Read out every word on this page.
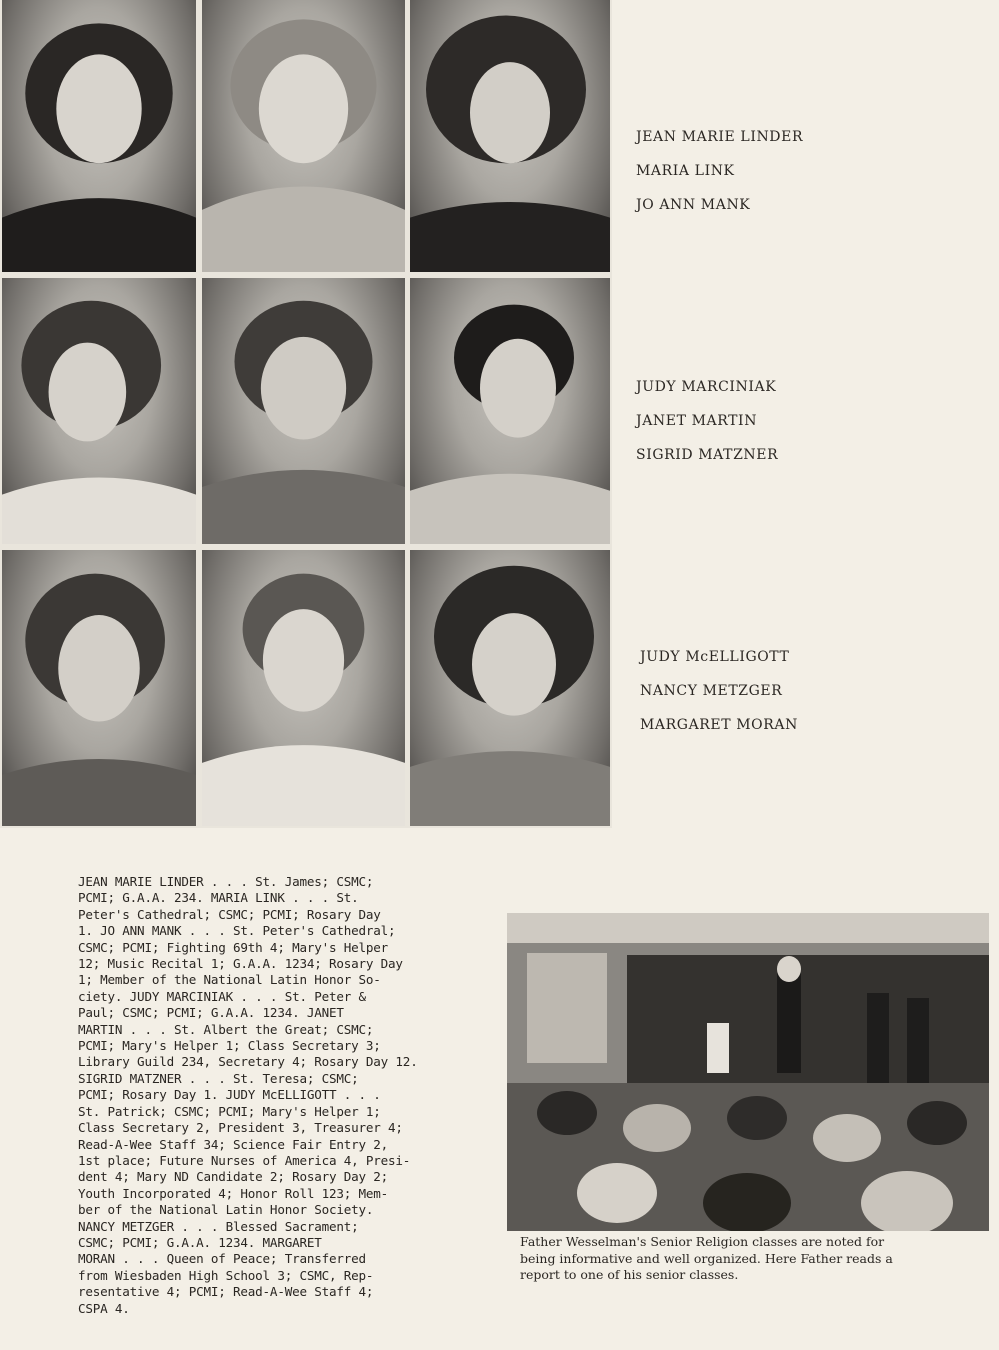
JEAN MARIE LINDER
MARIA LINK
JO ANN MANK
JUDY MARCINIAK
JANET MARTIN
SIGRID MATZNER
JUDY McELLIGOTT
NANCY METZGER
MARGARET MORAN
JEAN MARIE LINDER . . . St. James; CSMC;
PCMI; G.A.A. 234. MARIA LINK . . . St.
Peter's Cathedral; CSMC; PCMI; Rosary Day
1. JO ANN MANK . . . St. Peter's Cathedral;
CSMC; PCMI; Fighting 69th 4; Mary's Helper
12; Music Recital 1; G.A.A. 1234; Rosary Day
1; Member of the National Latin Honor So-
ciety. JUDY MARCINIAK . . . St. Peter &
Paul; CSMC; PCMI; G.A.A. 1234. JANET
MARTIN . . . St. Albert the Great; CSMC;
PCMI; Mary's Helper 1; Class Secretary 3;
Library Guild 234, Secretary 4; Rosary Day 12.
SIGRID MATZNER . . . St. Teresa; CSMC;
PCMI; Rosary Day 1. JUDY McELLIGOTT . . .
St. Patrick; CSMC; PCMI; Mary's Helper 1;
Class Secretary 2, President 3, Treasurer 4;
Read-A-Wee Staff 34; Science Fair Entry 2,
1st place; Future Nurses of America 4, Presi-
dent 4; Mary ND Candidate 2; Rosary Day 2;
Youth Incorporated 4; Honor Roll 123; Mem-
ber of the National Latin Honor Society.
NANCY METZGER . . . Blessed Sacrament;
CSMC; PCMI; G.A.A. 1234. MARGARET
MORAN . . . Queen of Peace; Transferred
from Wiesbaden High School 3; CSMC, Rep-
resentative 4; PCMI; Read-A-Wee Staff 4;
CSPA 4.
Father Wesselman's Senior Religion classes are noted for
being informative and well organized. Here Father reads a
report to one of his senior classes.
